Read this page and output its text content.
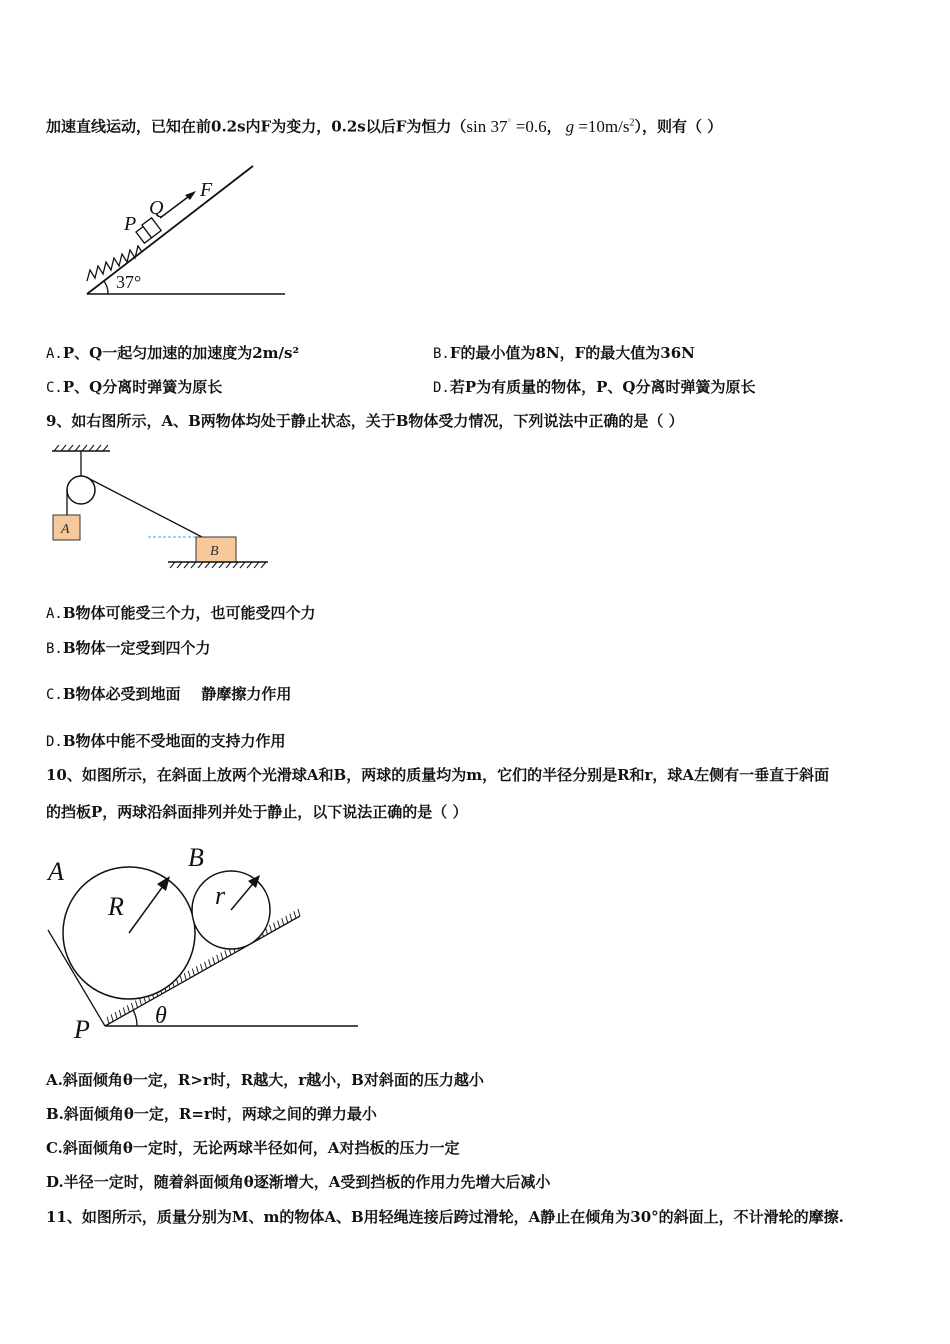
加速直线运动，已知在前0.2s内F为变力，0.2s以后F为恒力（sin 37° =0.6， $g =10m/s^2$），则有（ ）
37°
P
Q
F
A.P、Q一起匀加速的加速度为2m/s²	B.F的最小值为8N，F的最大值为36N
C.P、Q分离时弹簧为原长	D.若P为有质量的物体，P、Q分离时弹簧为原长
9、如右图所示，A、B两物体均处于静止状态，关于B物体受力情况，下列说法中正确的是（ ）
A
B
A.B物体可能受三个力，也可能受四个力
B.B物体一定受到四个力
C.B物体必受到地面    静摩擦力作用
D.B物体中能不受地面的支持力作用
10、如图所示，在斜面上放两个光滑球A和B，两球的质量均为m，它们的半径分别是R和r，球A左侧有一垂直于斜面
的挡板P，两球沿斜面排列并处于静止，以下说法正确的是（ ）
A	B
R	r
P	θ
A.斜面倾角θ一定，R>r时，R越大，r越小，B对斜面的压力越小
B.斜面倾角θ一定，R=r时，两球之间的弹力最小
C.斜面倾角θ一定时，无论两球半径如何，A对挡板的压力一定
D.半径一定时，随着斜面倾角θ逐渐增大，A受到挡板的作用力先增大后减小
11、如图所示，质量分别为M、m的物体A、B用轻绳连接后跨过滑轮，A静止在倾角为30°的斜面上，不计滑轮的摩擦.
